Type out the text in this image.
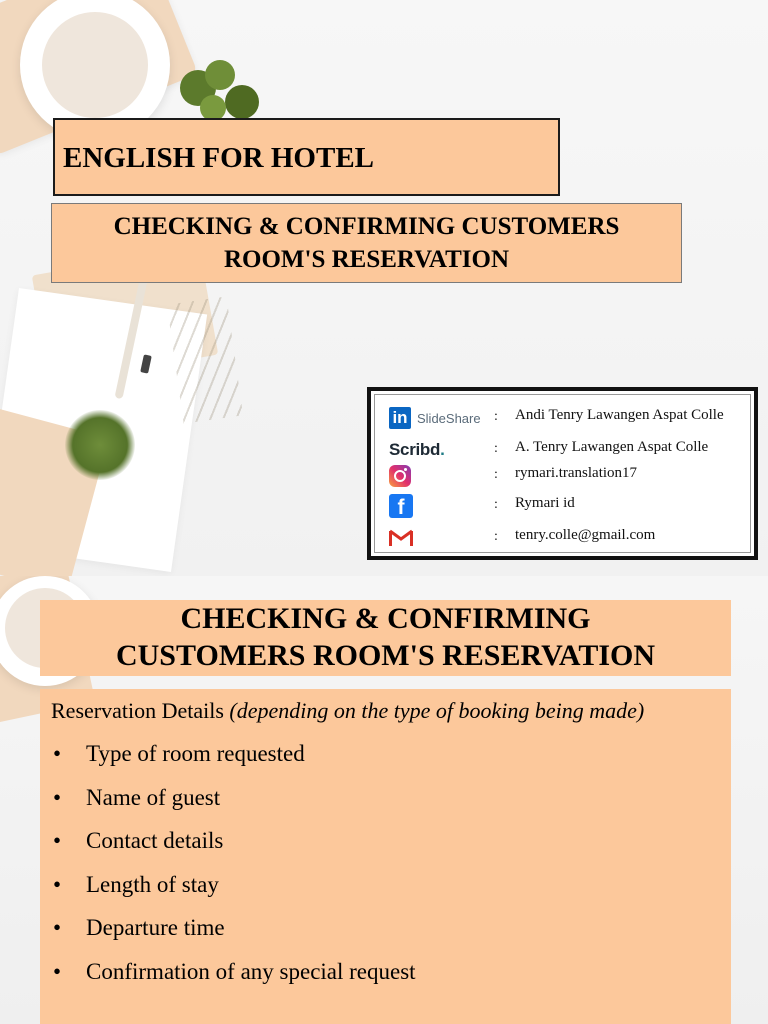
ENGLISH FOR HOTEL
CHECKING & CONFIRMING CUSTOMERS
ROOM'S RESERVATION
in SlideShare : Andi Tenry Lawangen Aspat Colle
Scribd.	: A. Tenry Lawangen Aspat Colle
: rymari.translation17
f	: Rymari id
: tenry.colle@gmail.com
CHECKING & CONFIRMING
CUSTOMERS ROOM'S RESERVATION
Reservation Details (depending on the type of booking being made)
• Type of room requested
• Name of guest
• Contact details
• Length of stay
• Departure time
• Confirmation of any special request
